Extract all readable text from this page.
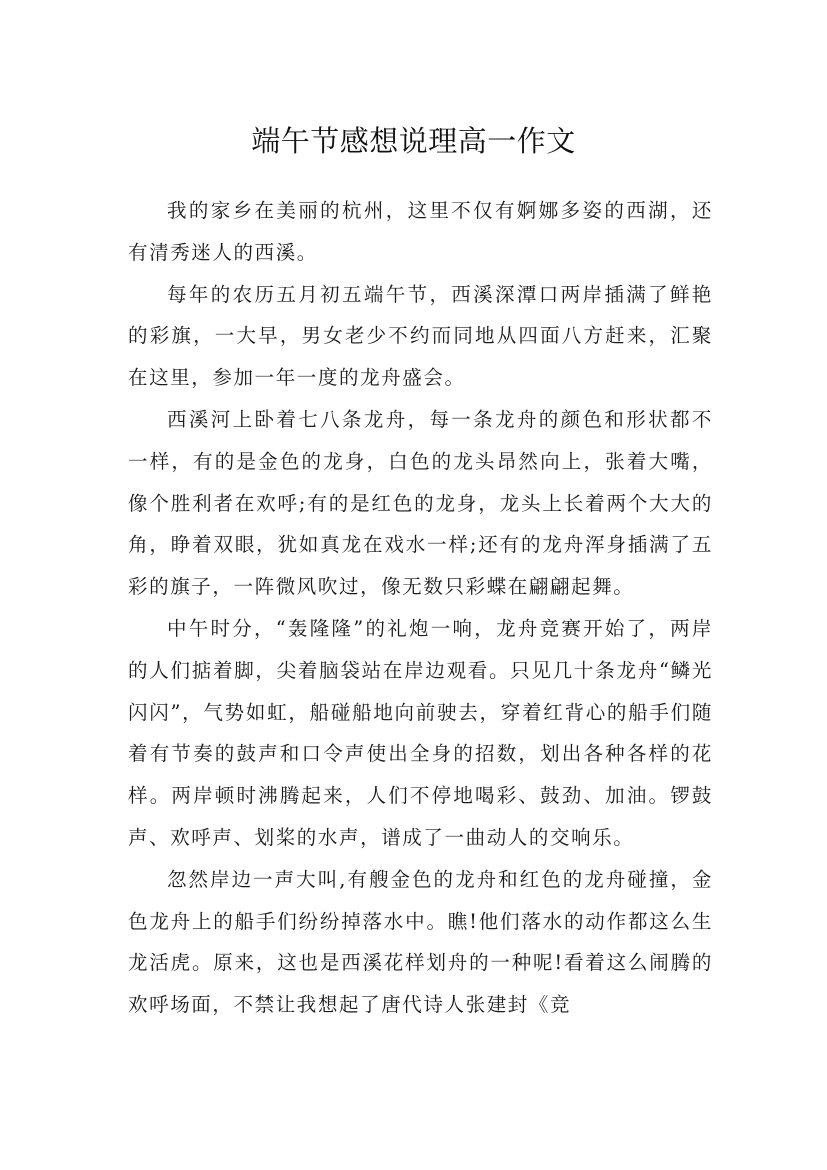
端午节感想说理高一作文

我的家乡在美丽的杭州，这里不仅有婀娜多姿的西湖，还有清秀迷人的西溪。

每年的农历五月初五端午节，西溪深潭口两岸插满了鲜艳的彩旗，一大早，男女老少不约而同地从四面八方赶来，汇聚在这里，参加一年一度的龙舟盛会。

西溪河上卧着七八条龙舟，每一条龙舟的颜色和形状都不一样，有的是金色的龙身，白色的龙头昂然向上，张着大嘴，像个胜利者在欢呼;有的是红色的龙身，龙头上长着两个大大的角，睁着双眼，犹如真龙在戏水一样;还有的龙舟浑身插满了五彩的旗子，一阵微风吹过，像无数只彩蝶在翩翩起舞。

中午时分，“轰隆隆”的礼炮一响，龙舟竞赛开始了，两岸的人们掂着脚，尖着脑袋站在岸边观看。只见几十条龙舟“鳞光闪闪”，气势如虹，船碰船地向前驶去，穿着红背心的船手们随着有节奏的鼓声和口令声使出全身的招数，划出各种各样的花样。两岸顿时沸腾起来，人们不停地喝彩、鼓劲、加油。锣鼓声、欢呼声、划桨的水声，谱成了一曲动人的交响乐。

忽然岸边一声大叫,有艘金色的龙舟和红色的龙舟碰撞，金色龙舟上的船手们纷纷掉落水中。瞧!他们落水的动作都这么生龙活虎。原来，这也是西溪花样划舟的一种呢!看着这么闹腾的欢呼场面，不禁让我想起了唐代诗人张建封《竞
